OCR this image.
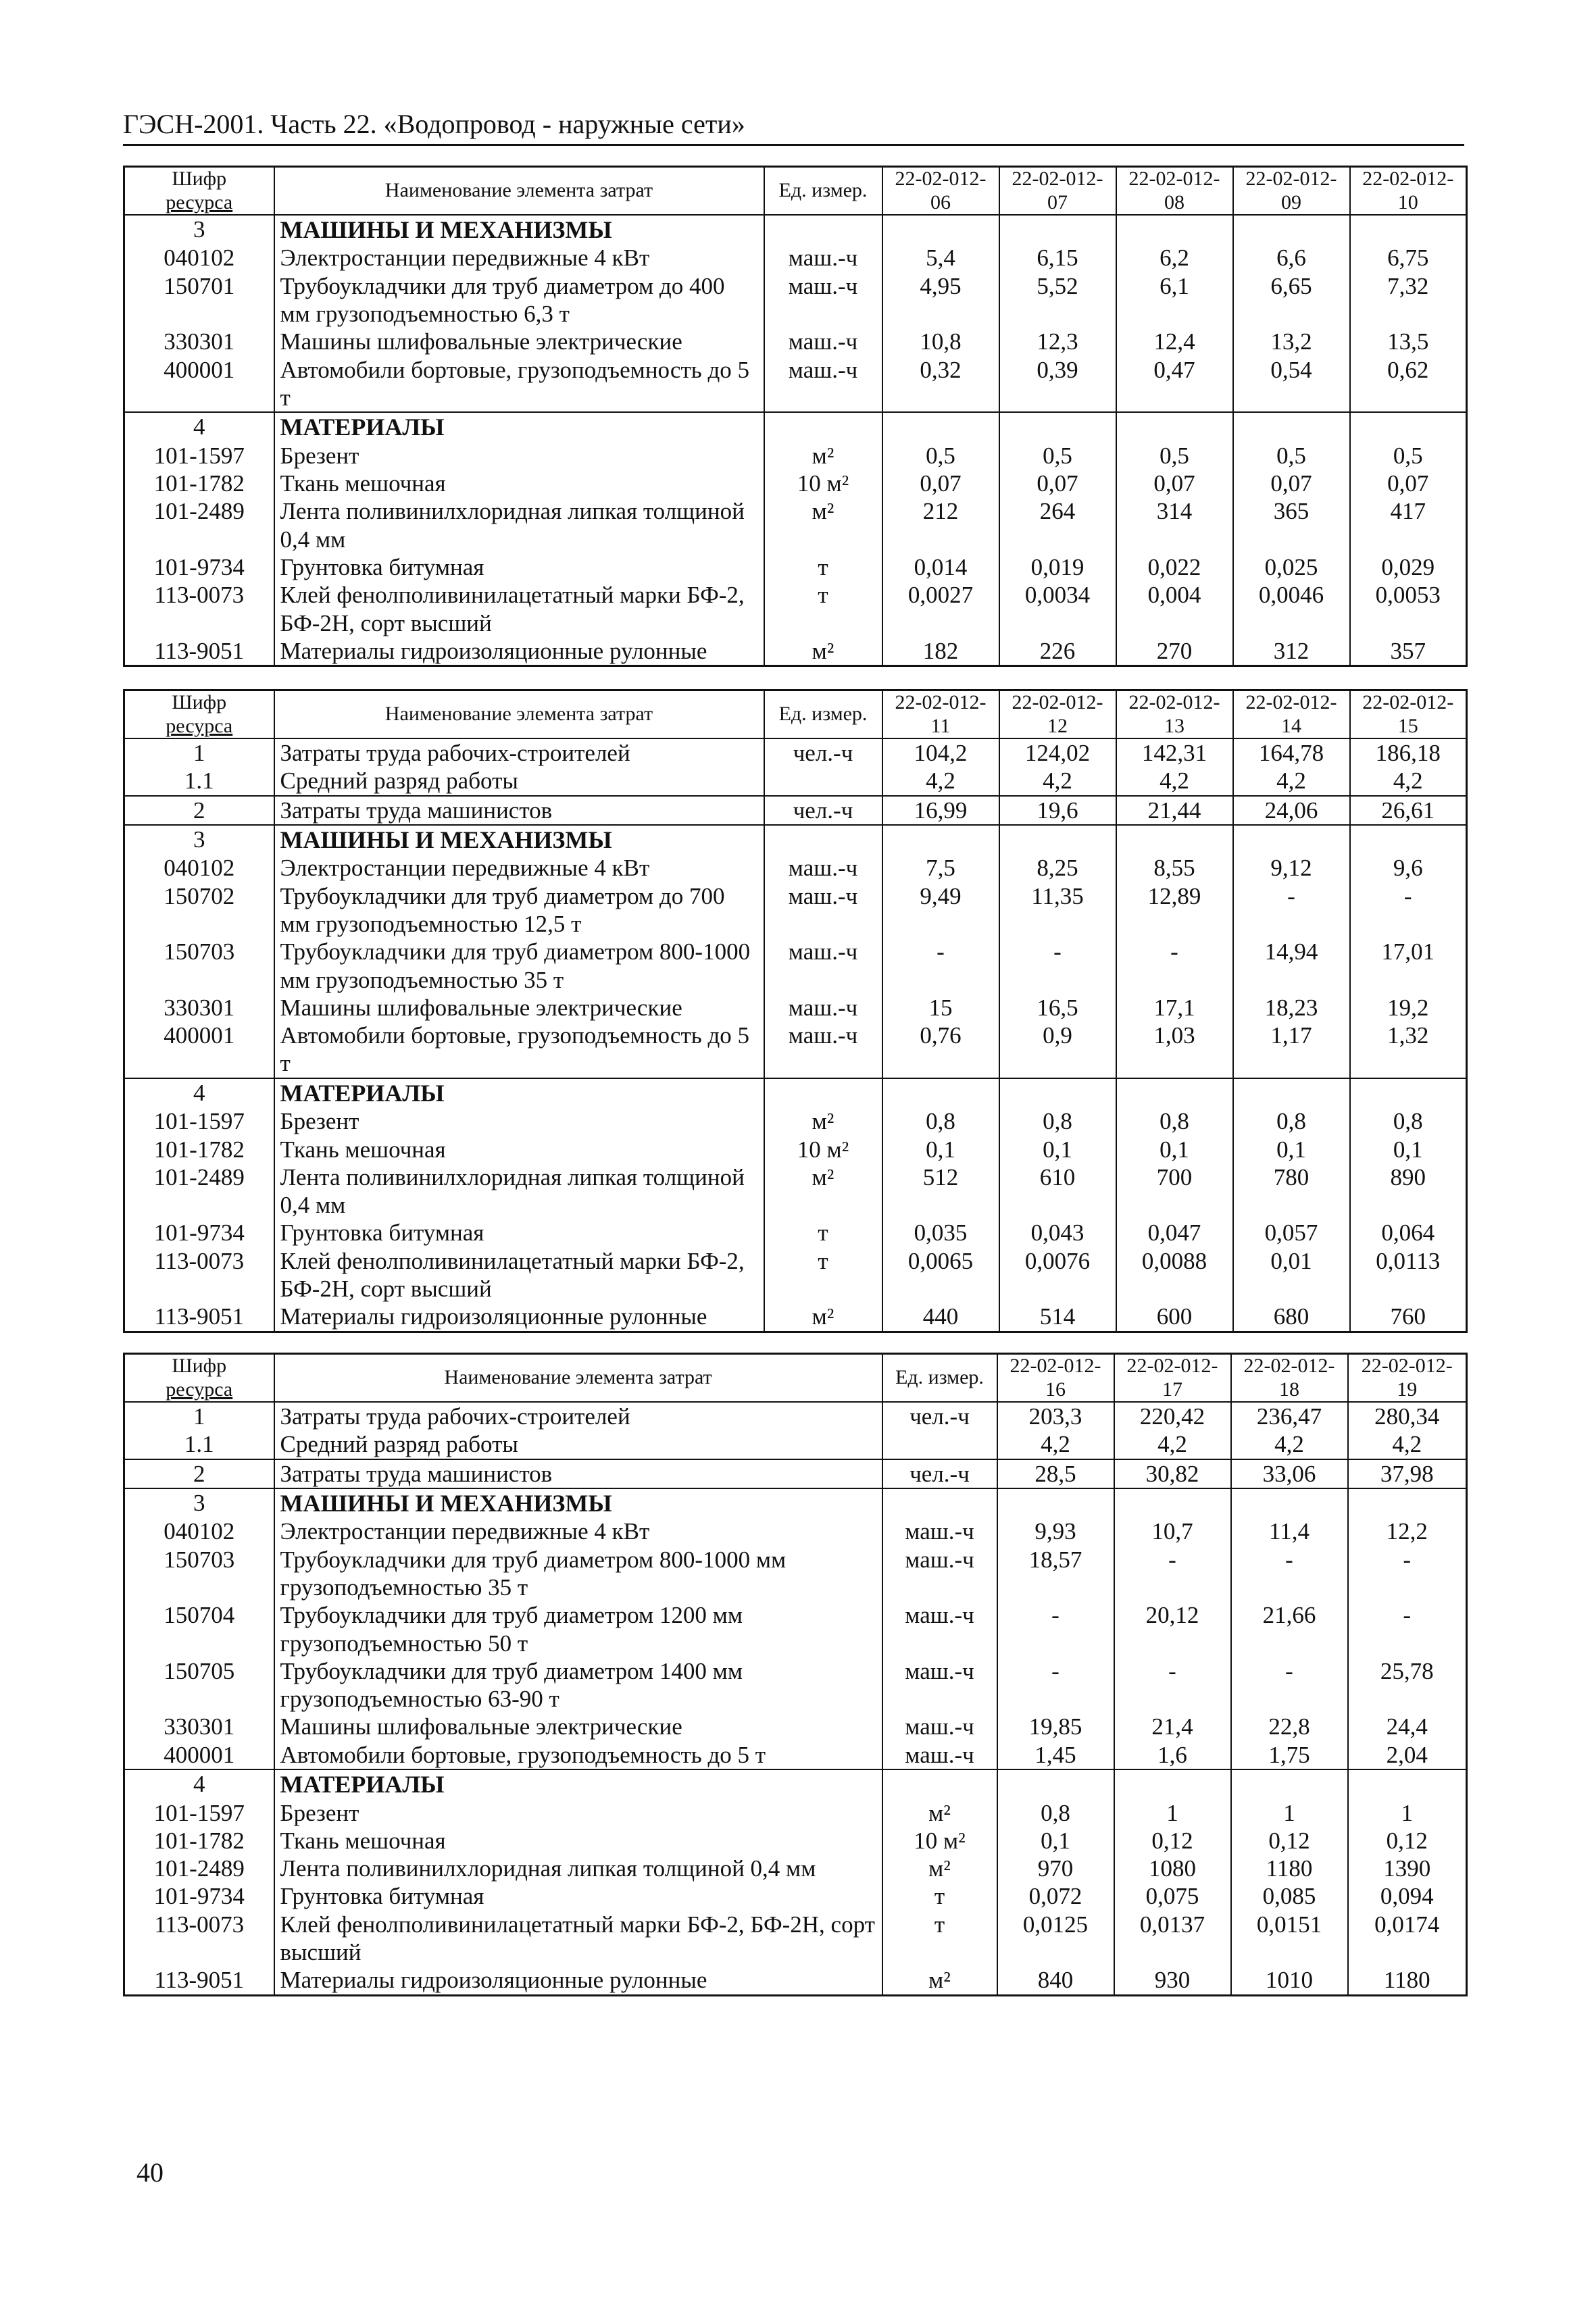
ГЭСН-2001. Часть 22. «Водопровод - наружные сети»
Шифр
ресурса	Наименование элемента затрат	Ед. измер.	22-02-012-06	22-02-012-07	22-02-012-08	22-02-012-09	22-02-012-10
3	МАШИНЫ И МЕХАНИЗМЫ						
040102	Электростанции передвижные 4 кВт	маш.-ч	5,4	6,15	6,2	6,6	6,75
150701	Трубоукладчики для труб диаметром до 400 мм грузоподъемностью 6,3 т	маш.-ч	4,95	5,52	6,1	6,65	7,32
330301	Машины шлифовальные электрические	маш.-ч	10,8	12,3	12,4	13,2	13,5
400001	Автомобили бортовые, грузоподъемность до 5 т	маш.-ч	0,32	0,39	0,47	0,54	0,62
4	МАТЕРИАЛЫ						
101-1597	Брезент	м²	0,5	0,5	0,5	0,5	0,5
101-1782	Ткань мешочная	10 м²	0,07	0,07	0,07	0,07	0,07
101-2489	Лента поливинилхлоридная липкая толщиной 0,4 мм	м²	212	264	314	365	417
101-9734	Грунтовка битумная	т	0,014	0,019	0,022	0,025	0,029
113-0073	Клей фенолполивинилацетатный марки БФ-2, БФ-2Н, сорт высший	т	0,0027	0,0034	0,004	0,0046	0,0053
113-9051	Материалы гидроизоляционные рулонные	м²	182	226	270	312	357
Шифр
ресурса	Наименование элемента затрат	Ед. измер.	22-02-012-11	22-02-012-12	22-02-012-13	22-02-012-14	22-02-012-15
1	Затраты труда рабочих-строителей	чел.-ч	104,2	124,02	142,31	164,78	186,18
1.1	Средний разряд работы		4,2	4,2	4,2	4,2	4,2
2	Затраты труда машинистов	чел.-ч	16,99	19,6	21,44	24,06	26,61
3	МАШИНЫ И МЕХАНИЗМЫ						
040102	Электростанции передвижные 4 кВт	маш.-ч	7,5	8,25	8,55	9,12	9,6
150702	Трубоукладчики для труб диаметром до 700 мм грузоподъемностью 12,5 т	маш.-ч	9,49	11,35	12,89	-	-
150703	Трубоукладчики для труб диаметром 800-1000 мм грузоподъемностью 35 т	маш.-ч	-	-	-	14,94	17,01
330301	Машины шлифовальные электрические	маш.-ч	15	16,5	17,1	18,23	19,2
400001	Автомобили бортовые, грузоподъемность до 5 т	маш.-ч	0,76	0,9	1,03	1,17	1,32
4	МАТЕРИАЛЫ						
101-1597	Брезент	м²	0,8	0,8	0,8	0,8	0,8
101-1782	Ткань мешочная	10 м²	0,1	0,1	0,1	0,1	0,1
101-2489	Лента поливинилхлоридная липкая толщиной 0,4 мм	м²	512	610	700	780	890
101-9734	Грунтовка битумная	т	0,035	0,043	0,047	0,057	0,064
113-0073	Клей фенолполивинилацетатный марки БФ-2, БФ-2Н, сорт высший	т	0,0065	0,0076	0,0088	0,01	0,0113
113-9051	Материалы гидроизоляционные рулонные	м²	440	514	600	680	760
Шифр
ресурса	Наименование элемента затрат	Ед. измер.	22-02-012-16	22-02-012-17	22-02-012-18	22-02-012-19
1	Затраты труда рабочих-строителей	чел.-ч	203,3	220,42	236,47	280,34
1.1	Средний разряд работы		4,2	4,2	4,2	4,2
2	Затраты труда машинистов	чел.-ч	28,5	30,82	33,06	37,98
3	МАШИНЫ И МЕХАНИЗМЫ					
040102	Электростанции передвижные 4 кВт	маш.-ч	9,93	10,7	11,4	12,2
150703	Трубоукладчики для труб диаметром 800-1000 мм грузоподъемностью 35 т	маш.-ч	18,57	-	-	-
150704	Трубоукладчики для труб диаметром 1200 мм грузоподъемностью 50 т	маш.-ч	-	20,12	21,66	-
150705	Трубоукладчики для труб диаметром 1400 мм грузоподъемностью 63-90 т	маш.-ч	-	-	-	25,78
330301	Машины шлифовальные электрические	маш.-ч	19,85	21,4	22,8	24,4
400001	Автомобили бортовые, грузоподъемность до 5 т	маш.-ч	1,45	1,6	1,75	2,04
4	МАТЕРИАЛЫ					
101-1597	Брезент	м²	0,8	1	1	1
101-1782	Ткань мешочная	10 м²	0,1	0,12	0,12	0,12
101-2489	Лента поливинилхлоридная липкая толщиной 0,4 мм	м²	970	1080	1180	1390
101-9734	Грунтовка битумная	т	0,072	0,075	0,085	0,094
113-0073	Клей фенолполивинилацетатный марки БФ-2, БФ-2Н, сорт высший	т	0,0125	0,0137	0,0151	0,0174
113-9051	Материалы гидроизоляционные рулонные	м²	840	930	1010	1180
40
